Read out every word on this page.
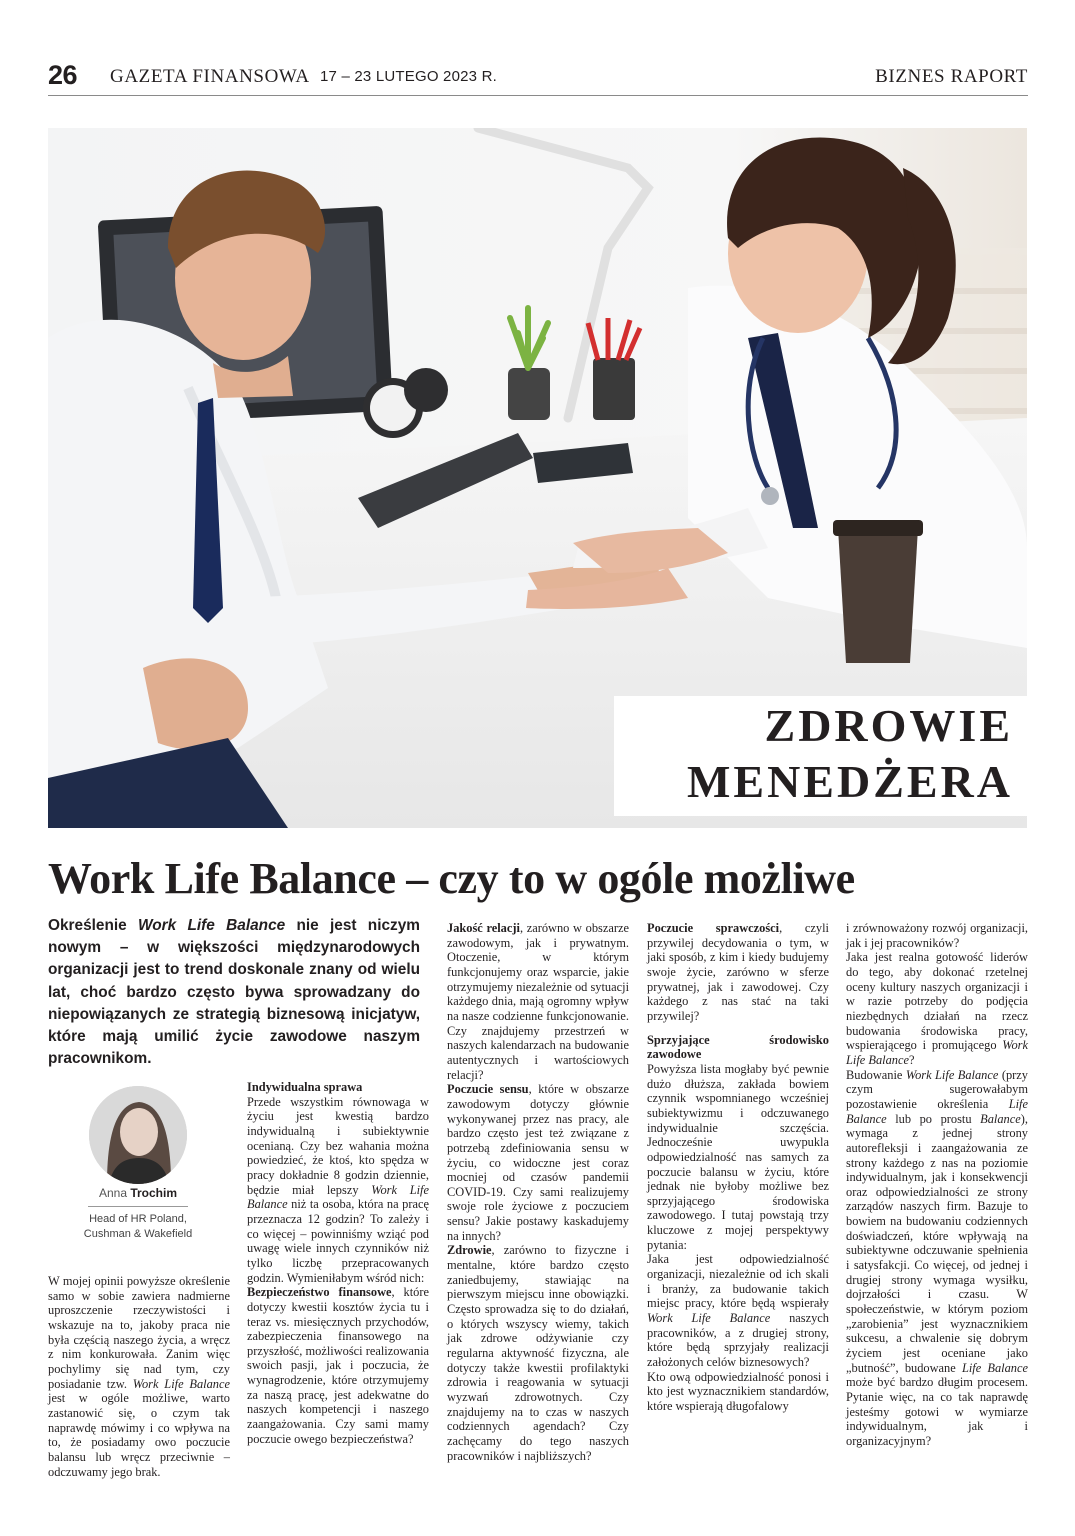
26 GAZETA FINANSOWA 17 – 23 LUTEGO 2023 R.	BIZNES RAPORT
ZDROWIE
MENEDŻERA
Work Life Balance – czy to w ogóle możliwe

Określenie Work Life Balance nie jest niczym nowym – w większości międzynarodowych organizacji jest to trend doskonale znany od wielu lat, choć bardzo często bywa sprowadzany do niepowiązanych ze strategią biznesową inicjatyw, które mają umilić życie zawodowe naszym pracownikom.

Anna Trochim
Head of HR Poland,
Cushman & Wakefield

W mojej opinii powyższe określenie samo w sobie zawiera nadmierne uproszczenie rzeczywistości i wskazuje na to, jakoby praca nie była częścią naszego życia, a wręcz z nim konkurowała. Zanim więc pochylimy się nad tym, czy posiadanie tzw. Work Life Balance jest w ogóle możliwe, warto zastanowić się, o czym tak naprawdę mówimy i co wpływa na to, że posiadamy owo poczucie balansu lub wręcz przeciwnie – odczuwamy jego brak.

Indywidualna sprawa

Przede wszystkim równowaga w życiu jest kwestią bardzo indywidualną i subiektywnie ocenianą. Czy bez wahania można powiedzieć, że ktoś, kto spędza w pracy dokładnie 8 godzin dziennie, będzie miał lepszy Work Life Balance niż ta osoba, która na pracę przeznacza 12 godzin? To zależy i co więcej – powinniśmy wziąć pod uwagę wiele innych czynników niż tylko liczbę przepracowanych godzin. Wymieniłabym wśród nich:

Bezpieczeństwo finansowe, które dotyczy kwestii kosztów życia tu i teraz vs. miesięcznych przychodów, zabezpieczenia finansowego na przyszłość, możliwości realizowania swoich pasji, jak i poczucia, że wynagrodzenie, które otrzymujemy za naszą pracę, jest adekwatne do naszych kompetencji i naszego zaangażowania. Czy sami mamy poczucie owego bezpieczeństwa?

Jakość relacji, zarówno w obszarze zawodowym, jak i prywatnym. Otoczenie, w którym funkcjonujemy oraz wsparcie, jakie otrzymujemy niezależnie od sytuacji każdego dnia, mają ogromny wpływ na nasze codzienne funkcjonowanie. Czy znajdujemy przestrzeń w naszych kalendarzach na budowanie autentycznych i wartościowych relacji?

Poczucie sensu, które w obszarze zawodowym dotyczy głównie wykonywanej przez nas pracy, ale bardzo często jest też związane z potrzebą zdefiniowania sensu w życiu, co widoczne jest coraz mocniej od czasów pandemii COVID-19. Czy sami realizujemy swoje role życiowe z poczuciem sensu? Jakie postawy kaskadujemy na innych?

Zdrowie, zarówno to fizyczne i mentalne, które bardzo często zaniedbujemy, stawiając na pierwszym miejscu inne obowiązki. Często sprowadza się to do działań, o których wszyscy wiemy, takich jak zdrowe odżywianie czy regularna aktywność fizyczna, ale dotyczy także kwestii profilaktyki zdrowia i reagowania w sytuacji wyzwań zdrowotnych. Czy znajdujemy na to czas w naszych codziennych agendach? Czy zachęcamy do tego naszych pracowników i najbliższych?

Poczucie sprawczości, czyli przywilej decydowania o tym, w jaki sposób, z kim i kiedy budujemy swoje życie, zarówno w sferze prywatnej, jak i zawodowej. Czy każdego z nas stać na taki przywilej?

Sprzyjające środowisko zawodowe

Powyższa lista mogłaby być pewnie dużo dłuższa, zakłada bowiem czynnik wspomnianego wcześniej subiektywizmu i odczuwanego indywidualnie szczęścia. Jednocześnie uwypukla odpowiedzialność nas samych za poczucie balansu w życiu, które jednak nie byłoby możliwe bez sprzyjającego środowiska zawodowego. I tutaj powstają trzy kluczowe z mojej perspektywy pytania:

Jaka jest odpowiedzialność organizacji, niezależnie od ich skali i branży, za budowanie takich miejsc pracy, które będą wspierały Work Life Balance naszych pracowników, a z drugiej strony, które będą sprzyjały realizacji założonych celów biznesowych?

Kto ową odpowiedzialność ponosi i kto jest wyznacznikiem standardów, które wspierają długofalowy

i zrównoważony rozwój organizacji, jak i jej pracowników?

Jaka jest realna gotowość liderów do tego, aby dokonać rzetelnej oceny kultury naszych organizacji i w razie potrzeby do podjęcia niezbędnych działań na rzecz budowania środowiska pracy, wspierającego i promującego Work Life Balance?

Budowanie Work Life Balance (przy czym sugerowałabym pozostawienie określenia Life Balance lub po prostu Balance), wymaga z jednej strony autorefleksji i zaangażowania ze strony każdego z nas na poziomie indywidualnym, jak i konsekwencji oraz odpowiedzialności ze strony zarządów naszych firm. Bazuje to bowiem na budowaniu codziennych doświadczeń, które wpływają na subiektywne odczuwanie spełnienia i satysfakcji. Co więcej, od jednej i drugiej strony wymaga wysiłku, dojrzałości i czasu. W społeczeństwie, w którym poziom „zarobienia” jest wyznacznikiem sukcesu, a chwalenie się dobrym życiem jest oceniane jako „butność”, budowane Life Balance może być bardzo długim procesem. Pytanie więc, na co tak naprawdę jesteśmy gotowi w wymiarze indywidualnym, jak i organizacyjnym?
